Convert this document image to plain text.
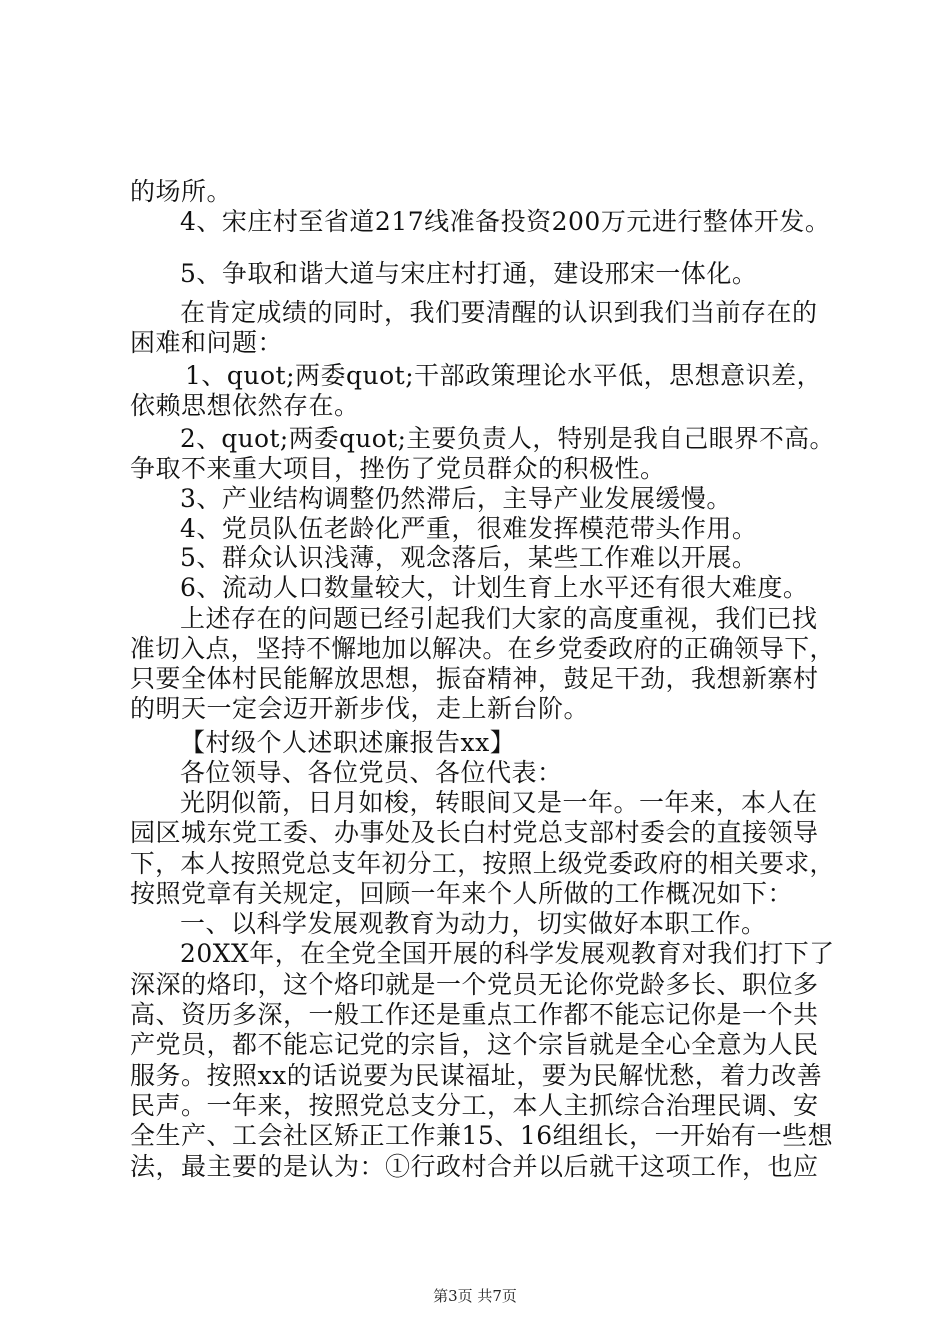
的场所。
4、宋庄村至省道217线准备投资200万元进行整体开发。
5、争取和谐大道与宋庄村打通，建设邢宋一体化。
在肯定成绩的同时，我们要清醒的认识到我们当前存在的
困难和问题：
1、quot;两委quot;干部政策理论水平低，思想意识差，
依赖思想依然存在。
2、quot;两委quot;主要负责人，特别是我自己眼界不高。
争取不来重大项目，挫伤了党员群众的积极性。
3、产业结构调整仍然滞后，主导产业发展缓慢。
4、党员队伍老龄化严重，很难发挥模范带头作用。
5、群众认识浅薄，观念落后，某些工作难以开展。
6、流动人口数量较大，计划生育上水平还有很大难度。
上述存在的问题已经引起我们大家的高度重视，我们已找
准切入点，坚持不懈地加以解决。在乡党委政府的正确领导下，
只要全体村民能解放思想，振奋精神，鼓足干劲，我想新寨村
的明天一定会迈开新步伐，走上新台阶。
【村级个人述职述廉报告xx】
各位领导、各位党员、各位代表：
光阴似箭，日月如梭，转眼间又是一年。一年来，本人在
园区城东党工委、办事处及长白村党总支部村委会的直接领导
下，本人按照党总支年初分工，按照上级党委政府的相关要求，
按照党章有关规定，回顾一年来个人所做的工作概况如下：
一、以科学发展观教育为动力，切实做好本职工作。
20XX年，在全党全国开展的科学发展观教育对我们打下了
深深的烙印，这个烙印就是一个党员无论你党龄多长、职位多
高、资历多深，一般工作还是重点工作都不能忘记你是一个共
产党员，都不能忘记党的宗旨，这个宗旨就是全心全意为人民
服务。按照xx的话说要为民谋福址，要为民解忧愁，着力改善
民声。一年来，按照党总支分工，本人主抓综合治理民调、安
全生产、工会社区矫正工作兼15、16组组长，一开始有一些想
法，最主要的是认为：①行政村合并以后就干这项工作，也应
第3页 共7页
